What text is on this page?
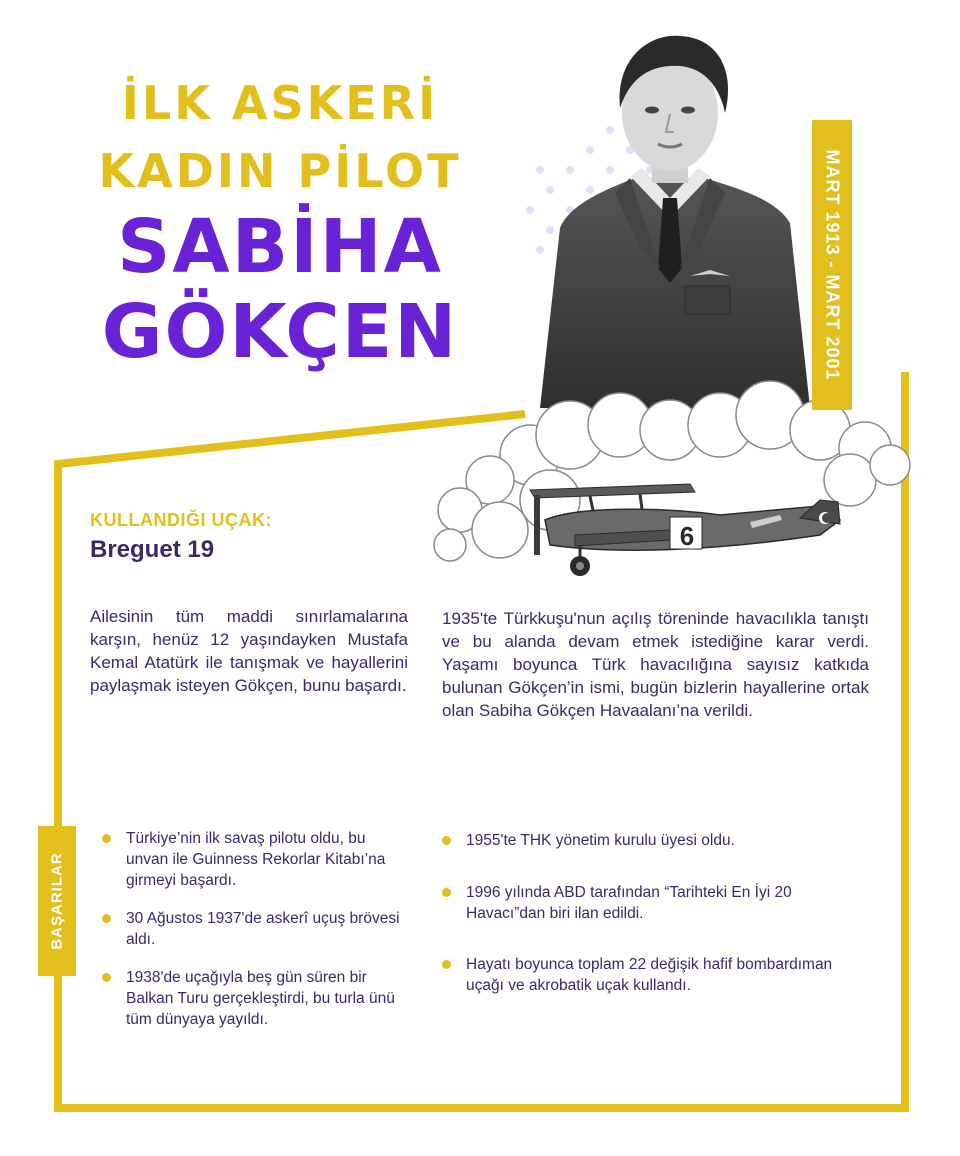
6
İLK ASKERİ
KADIN PİLOT
SABİHA
GÖKÇEN	MART 1913 - MART 2001
KULLANDIĞI UÇAK:
Breguet 19
Ailesinin tüm maddi sınırlamalarına karşın, henüz 12 yaşındayken Mustafa Kemal Atatürk ile tanışmak ve hayallerini paylaşmak isteyen Gökçen, bunu başardı.
1935'te Türkkuşu'nun açılış töreninde havacılıkla tanıştı ve bu alanda devam etmek istediğine karar verdi. Yaşamı boyunca Türk havacılığına sayısız katkıda bulunan Gökçen’in ismi, bugün bizlerin hayallerine ortak olan Sabiha Gökçen Havaalanı’na verildi.
BAŞARILAR
Türkiye’nin ilk savaş pilotu oldu, bu unvan ile Guinness Rekorlar Kitabı’na girmeyi başardı.
30 Ağustos 1937'de askerî uçuş brövesi aldı.
1938'de uçağıyla beş gün süren bir Balkan Turu gerçekleştirdi, bu turla ünü tüm dünyaya yayıldı.
1955'te THK yönetim kurulu üyesi oldu.
1996 yılında ABD tarafından “Tarihteki En İyi 20 Havacı”dan biri ilan edildi.
Hayatı boyunca toplam 22 değişik hafif bombardıman uçağı ve akrobatik uçak kullandı.
